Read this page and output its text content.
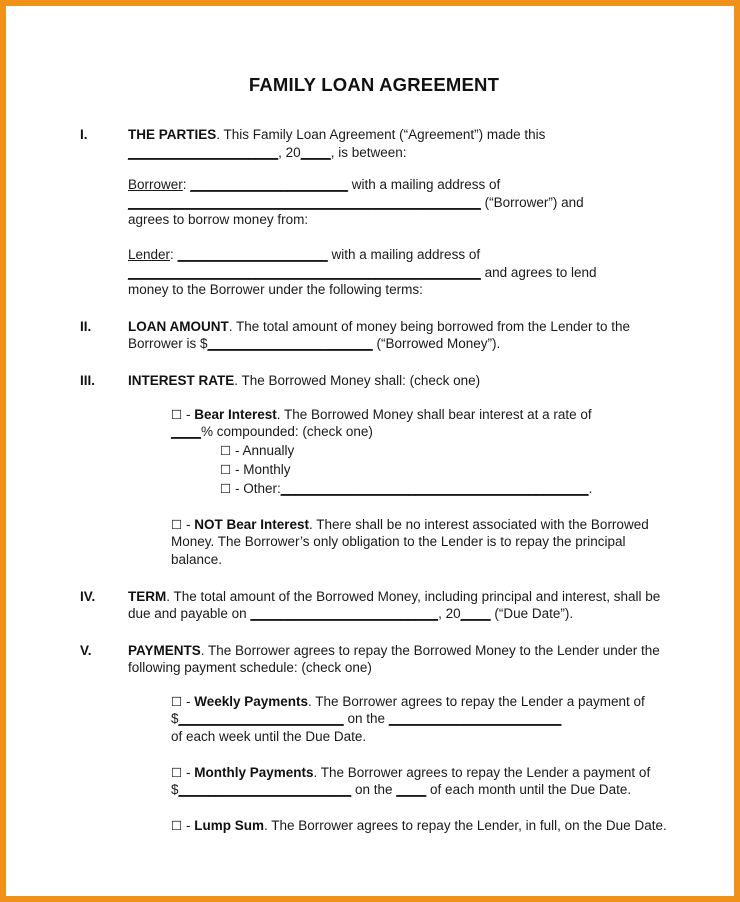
FAMILY LOAN AGREEMENT
I.	THE PARTIES. This Family Loan Agreement (“Agreement”) made this
____________________, 20____, is between:

Borrower: _____________________ with a mailing address of
_______________________________________________ (“Borrower”) and
agrees to borrow money from:

Lender: ____________________ with a mailing address of
_______________________________________________ and agrees to lend
money to the Borrower under the following terms:

II.	LOAN AMOUNT. The total amount of money being borrowed from the Lender to the Borrower is $______________________ (“Borrowed Money”).

III.	INTEREST RATE. The Borrowed Money shall: (check one)

☐ - Bear Interest. The Borrowed Money shall bear interest at a rate of
____% compounded: (check one)

☐ - Annually

☐ - Monthly

☐ - Other:_________________________________________.

☐ - NOT Bear Interest. There shall be no interest associated with the Borrowed Money. The Borrower’s only obligation to the Lender is to repay the principal balance.

IV.	TERM. The total amount of the Borrowed Money, including principal and interest, shall be due and payable on _________________________, 20____ (“Due Date”).

V.	PAYMENTS. The Borrower agrees to repay the Borrowed Money to the Lender under the following payment schedule: (check one)

☐ - Weekly Payments. The Borrower agrees to repay the Lender a payment of $______________________ on the _______________________
of each week until the Due Date.

☐ - Monthly Payments. The Borrower agrees to repay the Lender a payment of $_______________________ on the ____ of each month until the Due Date.

☐ - Lump Sum. The Borrower agrees to repay the Lender, in full, on the Due Date.
